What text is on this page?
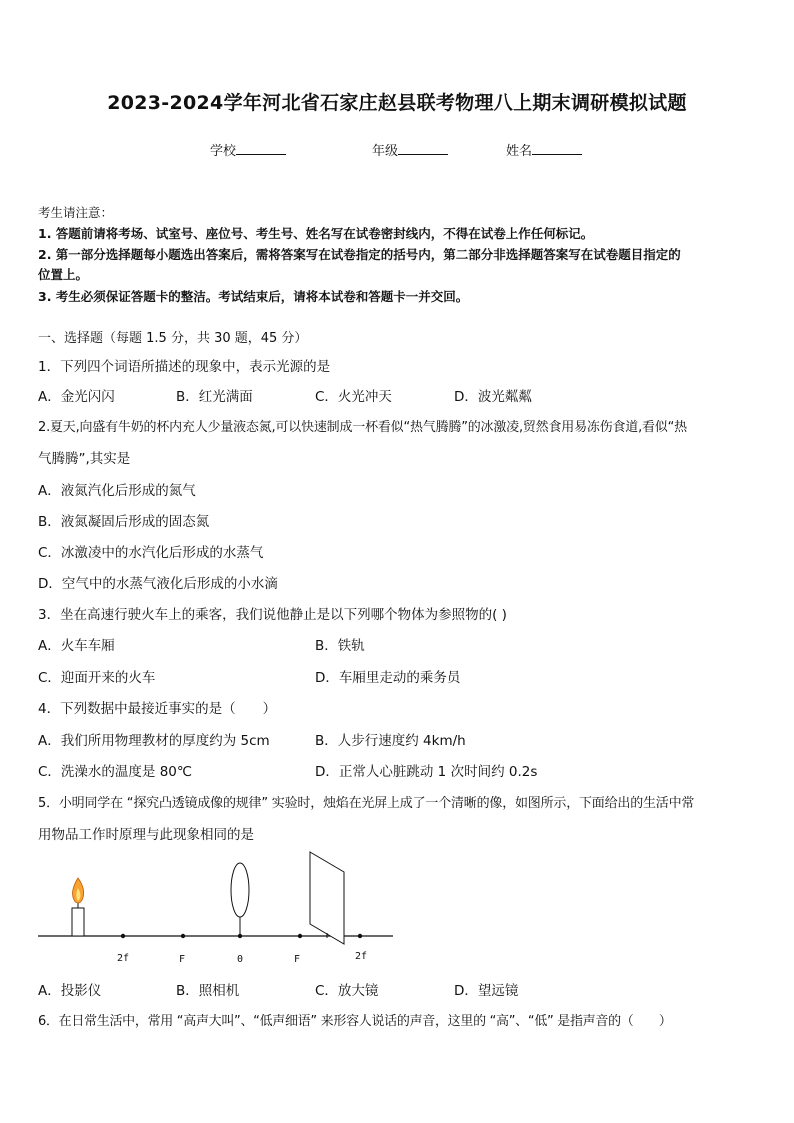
2023-2024学年河北省石家庄赵县联考物理八上期末调研模拟试题
学校	年级	姓名
考生请注意：
1. 答题前请将考场、试室号、座位号、考生号、姓名写在试卷密封线内，不得在试卷上作任何标记。
2. 第一部分选择题每小题选出答案后，需将答案写在试卷指定的括号内，第二部分非选择题答案写在试卷题目指定的
位置上。
3. 考生必须保证答题卡的整洁。考试结束后，请将本试卷和答题卡一并交回。
一、选择题（每题 1.5 分，共 30 题，45 分）
1．下列四个词语所描述的现象中，表示光源的是
A．金光闪闪	B．红光满面	C．火光冲天	D．波光粼粼
2.夏天,向盛有牛奶的杯内充人少量液态氮,可以快速制成一杯看似“热气腾腾”的冰激凌,贸然食用易冻伤食道,看似“热
气腾腾”,其实是
A．液氮汽化后形成的氮气
B．液氮凝固后形成的固态氮
C．冰激凌中的水汽化后形成的水蒸气
D．空气中的水蒸气液化后形成的小水滴
3．坐在高速行驶火车上的乘客，我们说他静止是以下列哪个物体为参照物的( )
A．火车车厢	B．铁轨
C．迎面开来的火车	D．车厢里走动的乘务员
4．下列数据中最接近事实的是（　　）
A．我们所用物理教材的厚度约为 5cm	B．人步行速度约 4km/h
C．洗澡水的温度是 80℃	D．正常人心脏跳动 1 次时间约 0.2s
5．小明同学在 “探究凸透镜成像的规律” 实验时，烛焰在光屏上成了一个清晰的像，如图所示，下面给出的生活中常
用物品工作时原理与此现象相同的是
2f	F	0	F	2f
A．投影仪	B．照相机	C．放大镜	D．望远镜
6．在日常生活中，常用 “高声大叫”、“低声细语” 来形容人说话的声音，这里的 “高”、“低” 是指声音的（　　）
